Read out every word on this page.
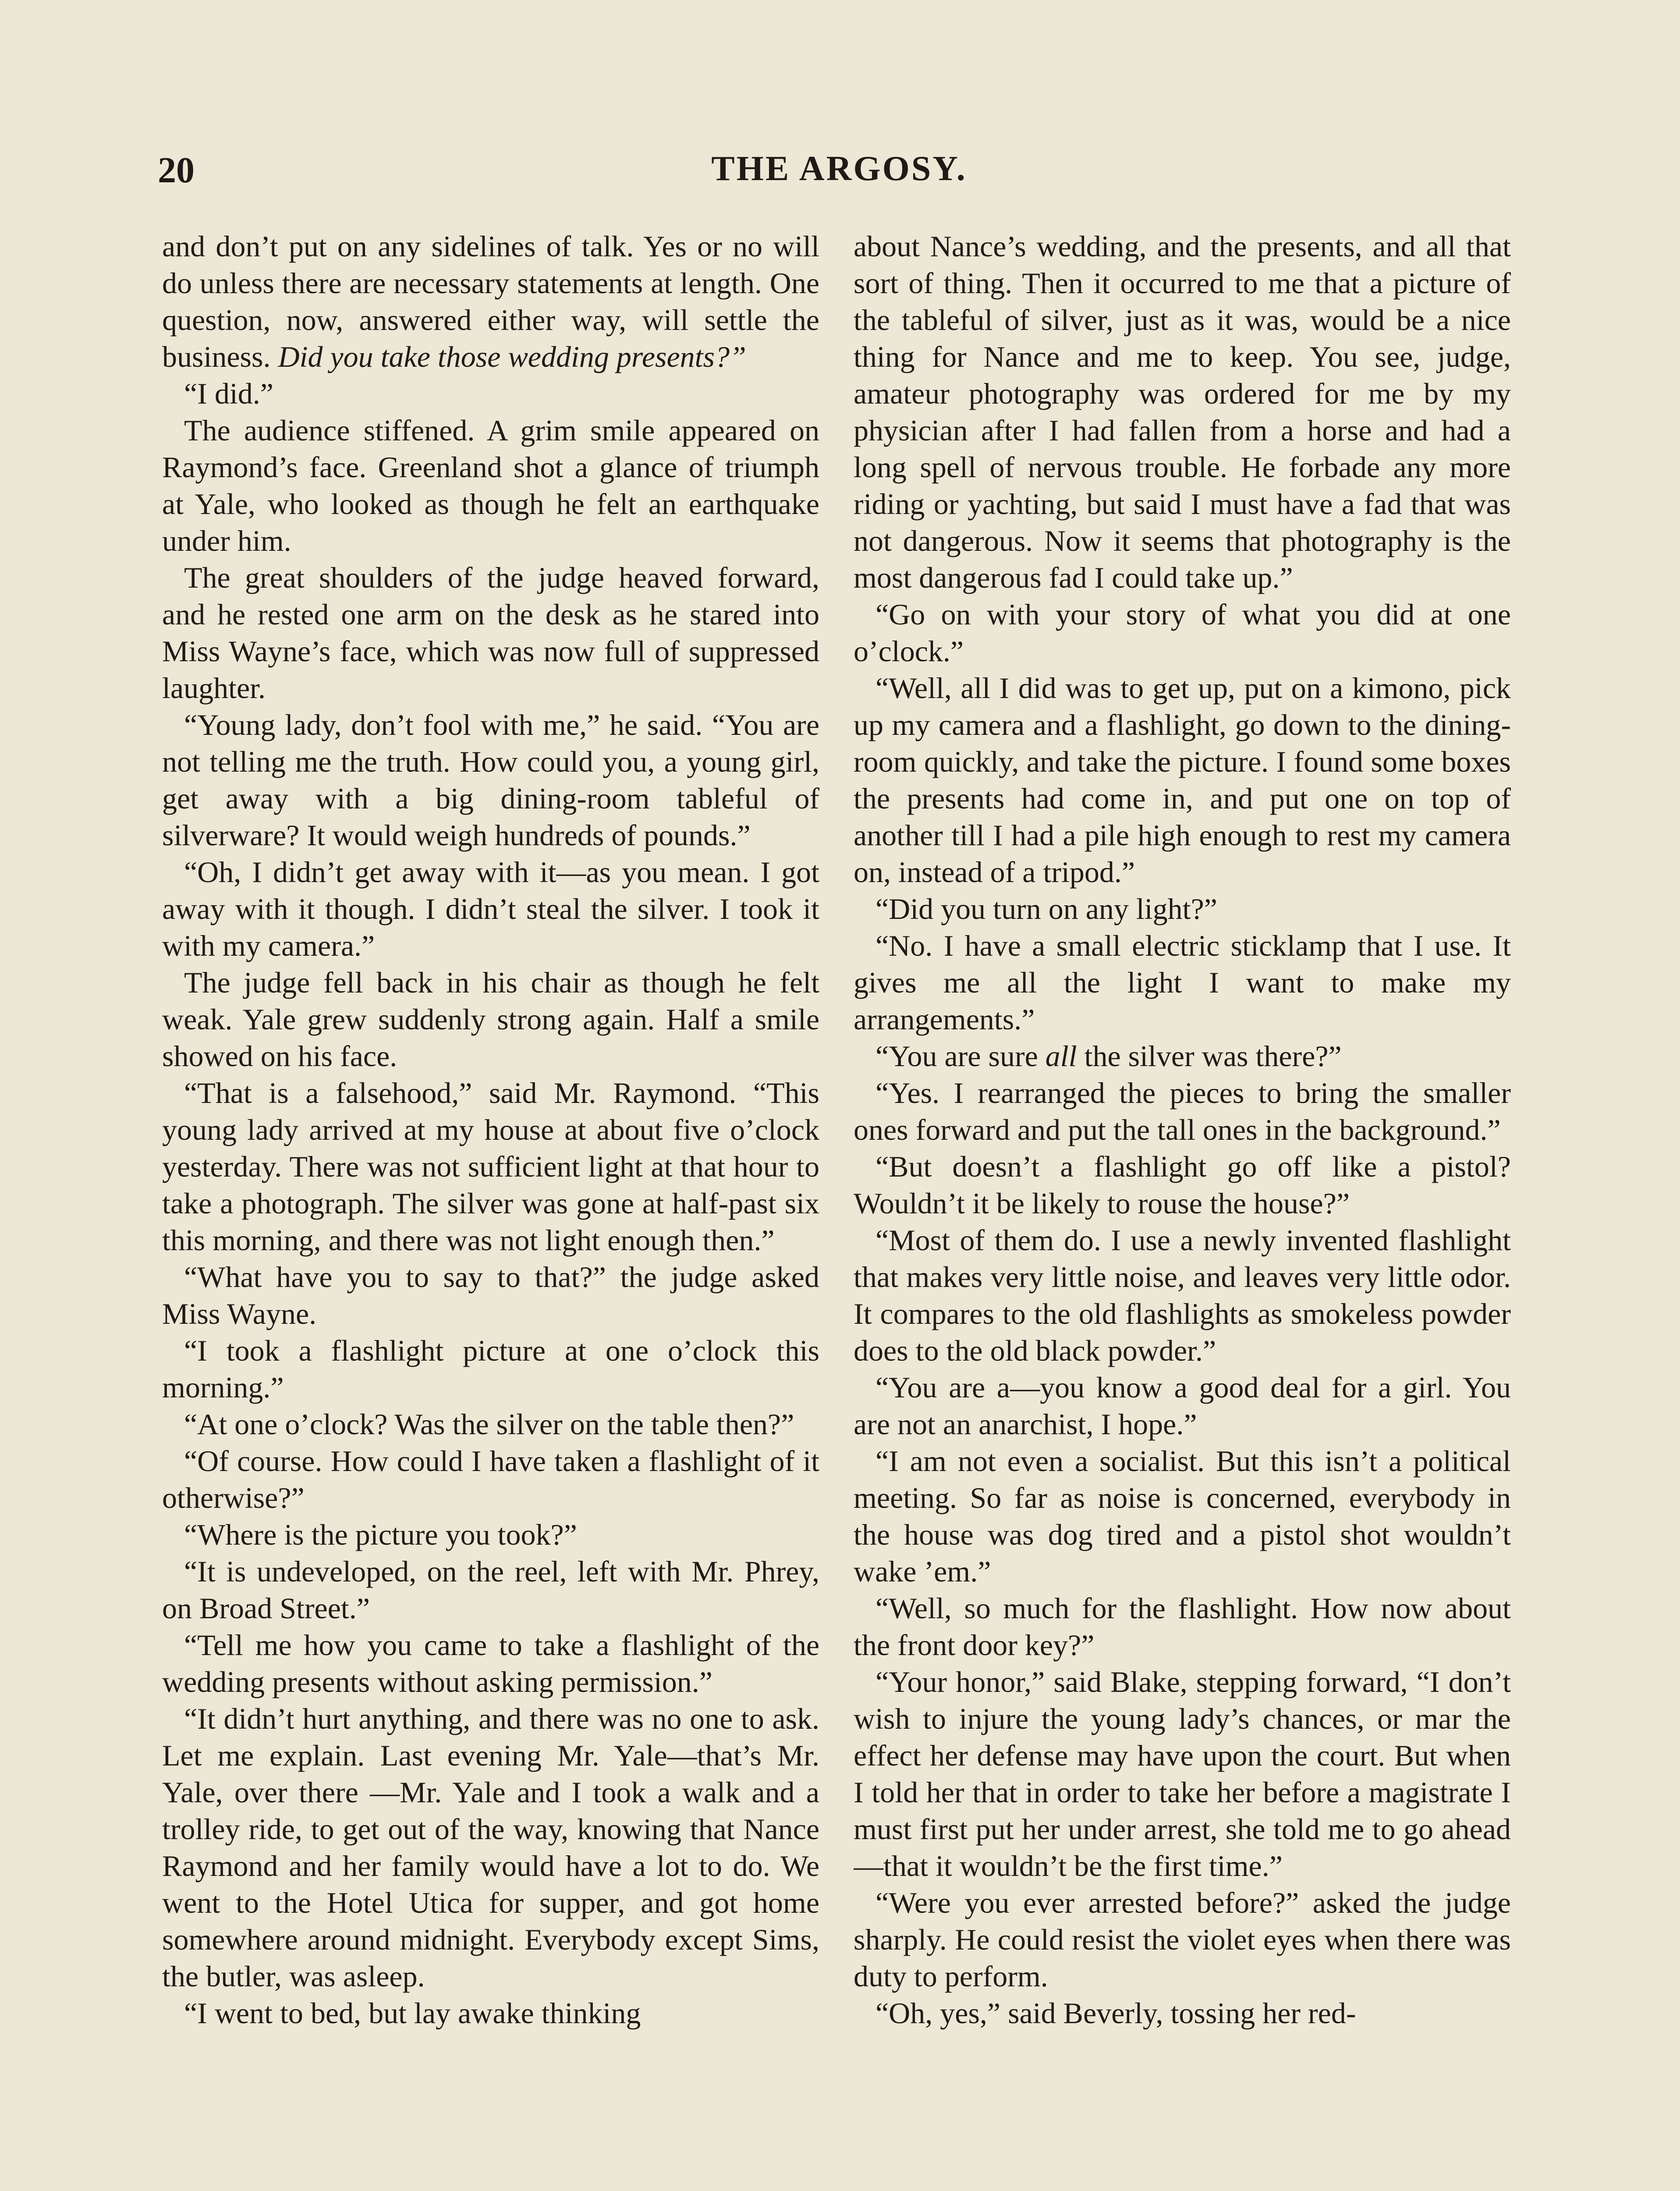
20	THE ARGOSY.

and don’t put on any sidelines of talk. Yes or no will do unless there are necessary statements at length. One question, now, answered either way, will settle the business. Did you take those wedding presents?”

“I did.”

The audience stiffened. A grim smile appeared on Raymond’s face. Greenland shot a glance of triumph at Yale, who looked as though he felt an earthquake under him.

The great shoulders of the judge heaved forward, and he rested one arm on the desk as he stared into Miss Wayne’s face, which was now full of suppressed laughter.

“Young lady, don’t fool with me,” he said. “You are not telling me the truth. How could you, a young girl, get away with a big dining-room tableful of silverware? It would weigh hundreds of pounds.”

“Oh, I didn’t get away with it—as you mean. I got away with it though. I didn’t steal the silver. I took it with my camera.”

The judge fell back in his chair as though he felt weak. Yale grew suddenly strong again. Half a smile showed on his face.

“That is a falsehood,” said Mr. Raymond. “This young lady arrived at my house at about five o’clock yesterday. There was not sufficient light at that hour to take a photograph. The silver was gone at half-past six this morning, and there was not light enough then.”

“What have you to say to that?” the judge asked Miss Wayne.

“I took a flashlight picture at one o’clock this morning.”

“At one o’clock? Was the silver on the table then?”

“Of course. How could I have taken a flashlight of it otherwise?”

“Where is the picture you took?”

“It is undeveloped, on the reel, left with Mr. Phrey, on Broad Street.”

“Tell me how you came to take a flashlight of the wedding presents without asking permission.”

“It didn’t hurt anything, and there was no one to ask. Let me explain. Last evening Mr. Yale—that’s Mr. Yale, over there —Mr. Yale and I took a walk and a trolley ride, to get out of the way, knowing that Nance Raymond and her family would have a lot to do. We went to the Hotel Utica for supper, and got home somewhere around midnight. Everybody except Sims, the butler, was asleep.

“I went to bed, but lay awake thinking

about Nance’s wedding, and the presents, and all that sort of thing. Then it occurred to me that a picture of the tableful of silver, just as it was, would be a nice thing for Nance and me to keep. You see, judge, amateur photography was ordered for me by my physician after I had fallen from a horse and had a long spell of nervous trouble. He forbade any more riding or yachting, but said I must have a fad that was not dangerous. Now it seems that photography is the most dangerous fad I could take up.”

“Go on with your story of what you did at one o’clock.”

“Well, all I did was to get up, put on a kimono, pick up my camera and a flashlight, go down to the dining-room quickly, and take the picture. I found some boxes the presents had come in, and put one on top of another till I had a pile high enough to rest my camera on, instead of a tripod.”

“Did you turn on any light?”

“No. I have a small electric sticklamp that I use. It gives me all the light I want to make my arrangements.”

“You are sure all the silver was there?”

“Yes. I rearranged the pieces to bring the smaller ones forward and put the tall ones in the background.”

“But doesn’t a flashlight go off like a pistol? Wouldn’t it be likely to rouse the house?”

“Most of them do. I use a newly invented flashlight that makes very little noise, and leaves very little odor. It compares to the old flashlights as smokeless powder does to the old black powder.”

“You are a—you know a good deal for a girl. You are not an anarchist, I hope.”

“I am not even a socialist. But this isn’t a political meeting. So far as noise is concerned, everybody in the house was dog tired and a pistol shot wouldn’t wake ’em.”

“Well, so much for the flashlight. How now about the front door key?”

“Your honor,” said Blake, stepping forward, “I don’t wish to injure the young lady’s chances, or mar the effect her defense may have upon the court. But when I told her that in order to take her before a magistrate I must first put her under arrest, she told me to go ahead—that it wouldn’t be the first time.”

“Were you ever arrested before?” asked the judge sharply. He could resist the violet eyes when there was duty to perform.

“Oh, yes,” said Beverly, tossing her red-
